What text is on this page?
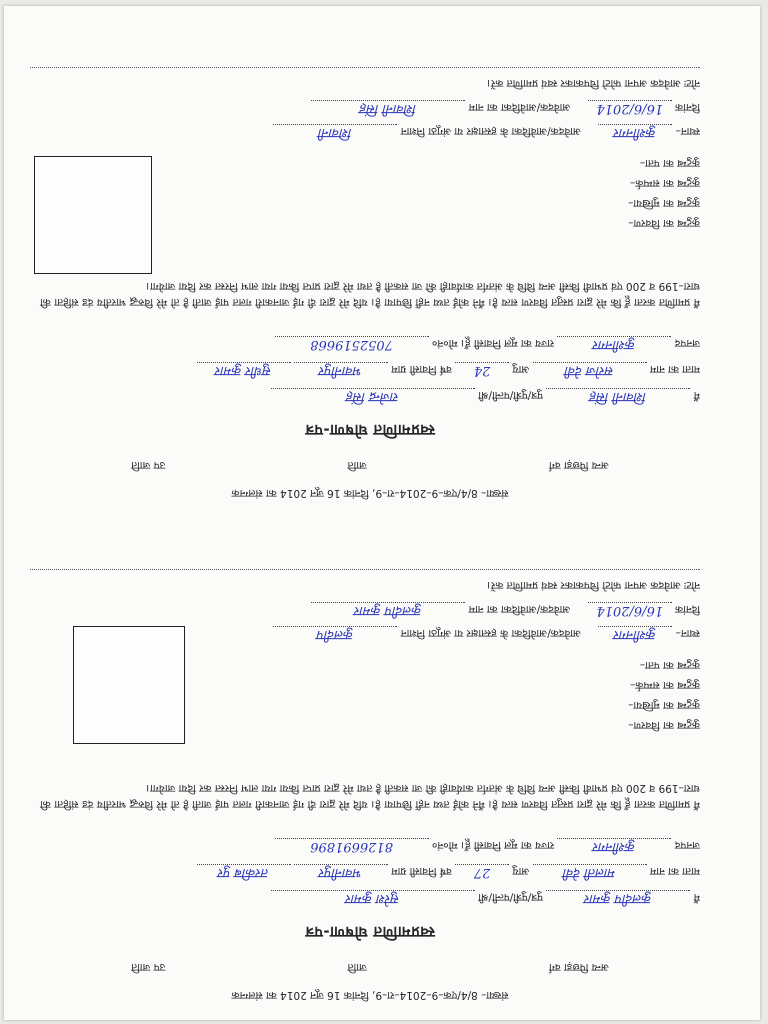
संख्या– 8/4/एक–9–2014–रा–9, दिनांक 16 जून 2014 का संलग्नक
अन्य पिछड़ा वर्ग
जाति
उप जाति
स्वप्रमाणित घोषणा-पत्र
मैं कुलदीप कुमार पुत्र/पुत्री/पत्नी/श्री सुरेश कुमार
माता का नाम मालती देवी आयु 27 वर्ष निवासी ग्राम भवानीपुर तरकीब पुर
जनपद कुशीनगर राज्य का मूल निवासी हूँ। मो०नं० 8126691896
मैं प्रमाणित करता हूँ कि मेरे द्वारा प्रस्तुत विवरण सत्य है। मैंने कोई तथ्य नहीं छिपाया है। यदि मेरे द्वारा दी गई जानकारी गलत पाई जाती है तो मेरे विरुद्ध भारतीय दंड संहिता की धारा–199 व 200 एवं प्रभावी किसी अन्य विधि के अंतर्गत कार्यवाही की जा सकती है तथा मेरे द्वारा प्राप्त किया गया लाभ निरस्त कर दिया जायेगा।
कुटुम्ब का विवरण–
कुटुम्ब का मुखिया–
कुटुम्ब का सम्पर्क–
कुटुम्ब का पता–
स्थान– कुशीनगर आवेदक/आवेदिका के हस्ताक्षर या अंगूठा निशान कुलदीप
दिनांक 16/6/2014 आवेदक/आवेदिका का नाम कुलदीप कुमार
नोटः आवेदक अपना फोटो चिपकाकर स्वयं प्रमाणित करें।
संख्या– 8/4/एक–9–2014–रा–9, दिनांक 16 जून 2014 का संलग्नक
अन्य पिछड़ा वर्ग
जाति
उप जाति
स्वप्रमाणित घोषणा-पत्र
मैं शिवानी सिंह पुत्र/पुत्री/पत्नी/श्री राजेन्द्र सिंह
माता का नाम सरोज देवी आयु 24 वर्ष निवासी ग्राम भवानीपुर सुधीर कुमार
जनपद कुशीनगर राज्य का मूल निवासी हूँ। मो०नं० 7052519668
मैं प्रमाणित करता हूँ कि मेरे द्वारा प्रस्तुत विवरण सत्य है। मैंने कोई तथ्य नहीं छिपाया है। यदि मेरे द्वारा दी गई जानकारी गलत पाई जाती है तो मेरे विरुद्ध भारतीय दंड संहिता की धारा–199 व 200 एवं प्रभावी किसी अन्य विधि के अंतर्गत कार्यवाही की जा सकती है तथा मेरे द्वारा प्राप्त किया गया लाभ निरस्त कर दिया जायेगा।
कुटुम्ब का विवरण–
कुटुम्ब का मुखिया–
कुटुम्ब का सम्पर्क–
कुटुम्ब का पता–
स्थान– कुशीनगर आवेदक/आवेदिका के हस्ताक्षर या अंगूठा निशान शिवानी
दिनांक 16/6/2014 आवेदक/आवेदिका का नाम शिवानी सिंह
नोटः आवेदक अपना फोटो चिपकाकर स्वयं प्रमाणित करें।
